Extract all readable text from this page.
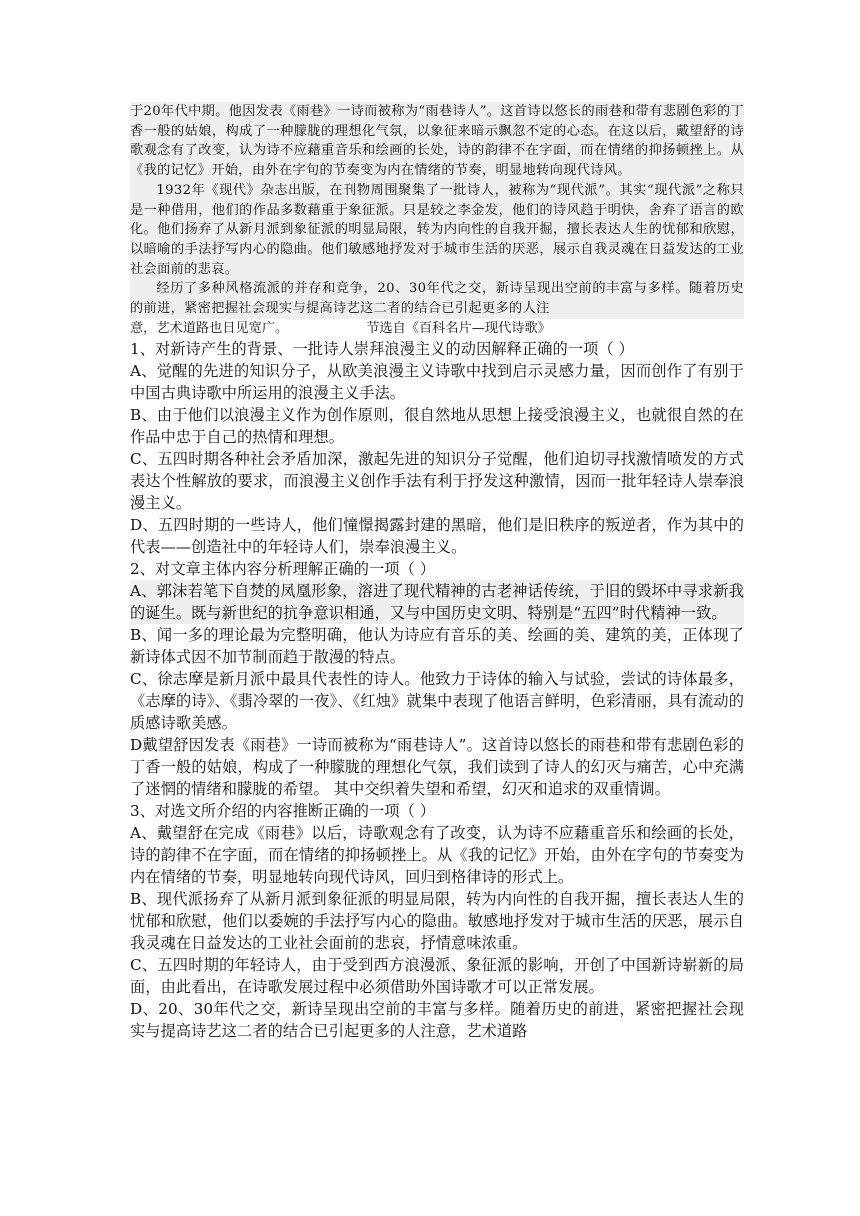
于20年代中期。他因发表《雨巷》一诗而被称为“雨巷诗人”。这首诗以悠长的雨巷和带有悲剧色彩的丁香一般的姑娘，构成了一种朦胧的理想化气氛，以象征来暗示飘忽不定的心态。在这以后，戴望舒的诗歌观念有了改变，认为诗不应藉重音乐和绘画的长处，诗的韵律不在字面，而在情绪的抑扬顿挫上。从《我的记忆》开始，由外在字句的节奏变为内在情绪的节奏，明显地转向现代诗风。

1932年《现代》杂志出版，在刊物周围聚集了一批诗人，被称为“现代派”。其实“现代派”之称只是一种借用，他们的作品多数藉重于象征派。只是较之李金发，他们的诗风趋于明快，舍弃了语言的欧化。他们扬弃了从新月派到象征派的明显局限，转为内向性的自我开掘，擅长表达人生的忧郁和欣慰，以暗喻的手法抒写内心的隐曲。他们敏感地抒发对于城市生活的厌恶，展示自我灵魂在日益发达的工业社会面前的悲哀。

经历了多种风格流派的并存和竞争，20、30年代之交，新诗呈现出空前的丰富与多样。随着历史的前进，紧密把握社会现实与提高诗艺这二者的结合已引起更多的人注

意，艺术道路也日见宽广。	节选自《百科名片—现代诗歌》

1、对新诗产生的背景、一批诗人崇拜浪漫主义的动因解释正确的一项（ ）

A、觉醒的先进的知识分子，从欧美浪漫主义诗歌中找到启示灵感力量，因而创作了有别于中国古典诗歌中所运用的浪漫主义手法。

B、由于他们以浪漫主义作为创作原则，很自然地从思想上接受浪漫主义，也就很自然的在作品中忠于自己的热情和理想。

C、五四时期各种社会矛盾加深，激起先进的知识分子觉醒，他们迫切寻找激情喷发的方式表达个性解放的要求，而浪漫主义创作手法有利于抒发这种激情，因而一批年轻诗人崇奉浪漫主义。

D、五四时期的一些诗人，他们憧憬揭露封建的黑暗，他们是旧秩序的叛逆者，作为其中的代表——创造社中的年轻诗人们，崇奉浪漫主义。

2、对文章主体内容分析理解正确的一项（ ）

A、郭沫若笔下自焚的凤凰形象，溶进了现代精神的古老神话传统，于旧的毁坏中寻求新我的诞生。既与新世纪的抗争意识相通，又与中国历史文明、特别是“五四”时代精神一致。

B、闻一多的理论最为完整明确，他认为诗应有音乐的美、绘画的美、建筑的美，正体现了新诗体式因不加节制而趋于散漫的特点。

C、徐志摩是新月派中最具代表性的诗人。他致力于诗体的输入与试验，尝试的诗体最多，《志摩的诗》、《翡冷翠的一夜》、《红烛》就集中表现了他语言鲜明，色彩清丽，具有流动的质感诗歌美感。

D戴望舒因发表《雨巷》一诗而被称为“雨巷诗人”。这首诗以悠长的雨巷和带有悲剧色彩的丁香一般的姑娘，构成了一种朦胧的理想化气氛，我们读到了诗人的幻灭与痛苦，心中充满了迷惘的情绪和朦胧的希望。 其中交织着失望和希望，幻灭和追求的双重情调。

3、对选文所介绍的内容推断正确的一项（ ）

A、戴望舒在完成《雨巷》以后，诗歌观念有了改变，认为诗不应藉重音乐和绘画的长处，诗的韵律不在字面，而在情绪的抑扬顿挫上。从《我的记忆》开始，由外在字句的节奏变为内在情绪的节奏，明显地转向现代诗风，回归到格律诗的形式上。

B、现代派扬弃了从新月派到象征派的明显局限，转为内向性的自我开掘，擅长表达人生的忧郁和欣慰，他们以委婉的手法抒写内心的隐曲。敏感地抒发对于城市生活的厌恶，展示自我灵魂在日益发达的工业社会面前的悲哀，抒情意味浓重。

C、五四时期的年轻诗人，由于受到西方浪漫派、象征派的影响，开创了中国新诗崭新的局面，由此看出，在诗歌发展过程中必须借助外国诗歌才可以正常发展。

D、20、30年代之交，新诗呈现出空前的丰富与多样。随着历史的前进，紧密把握社会现实与提高诗艺这二者的结合已引起更多的人注意，艺术道路
